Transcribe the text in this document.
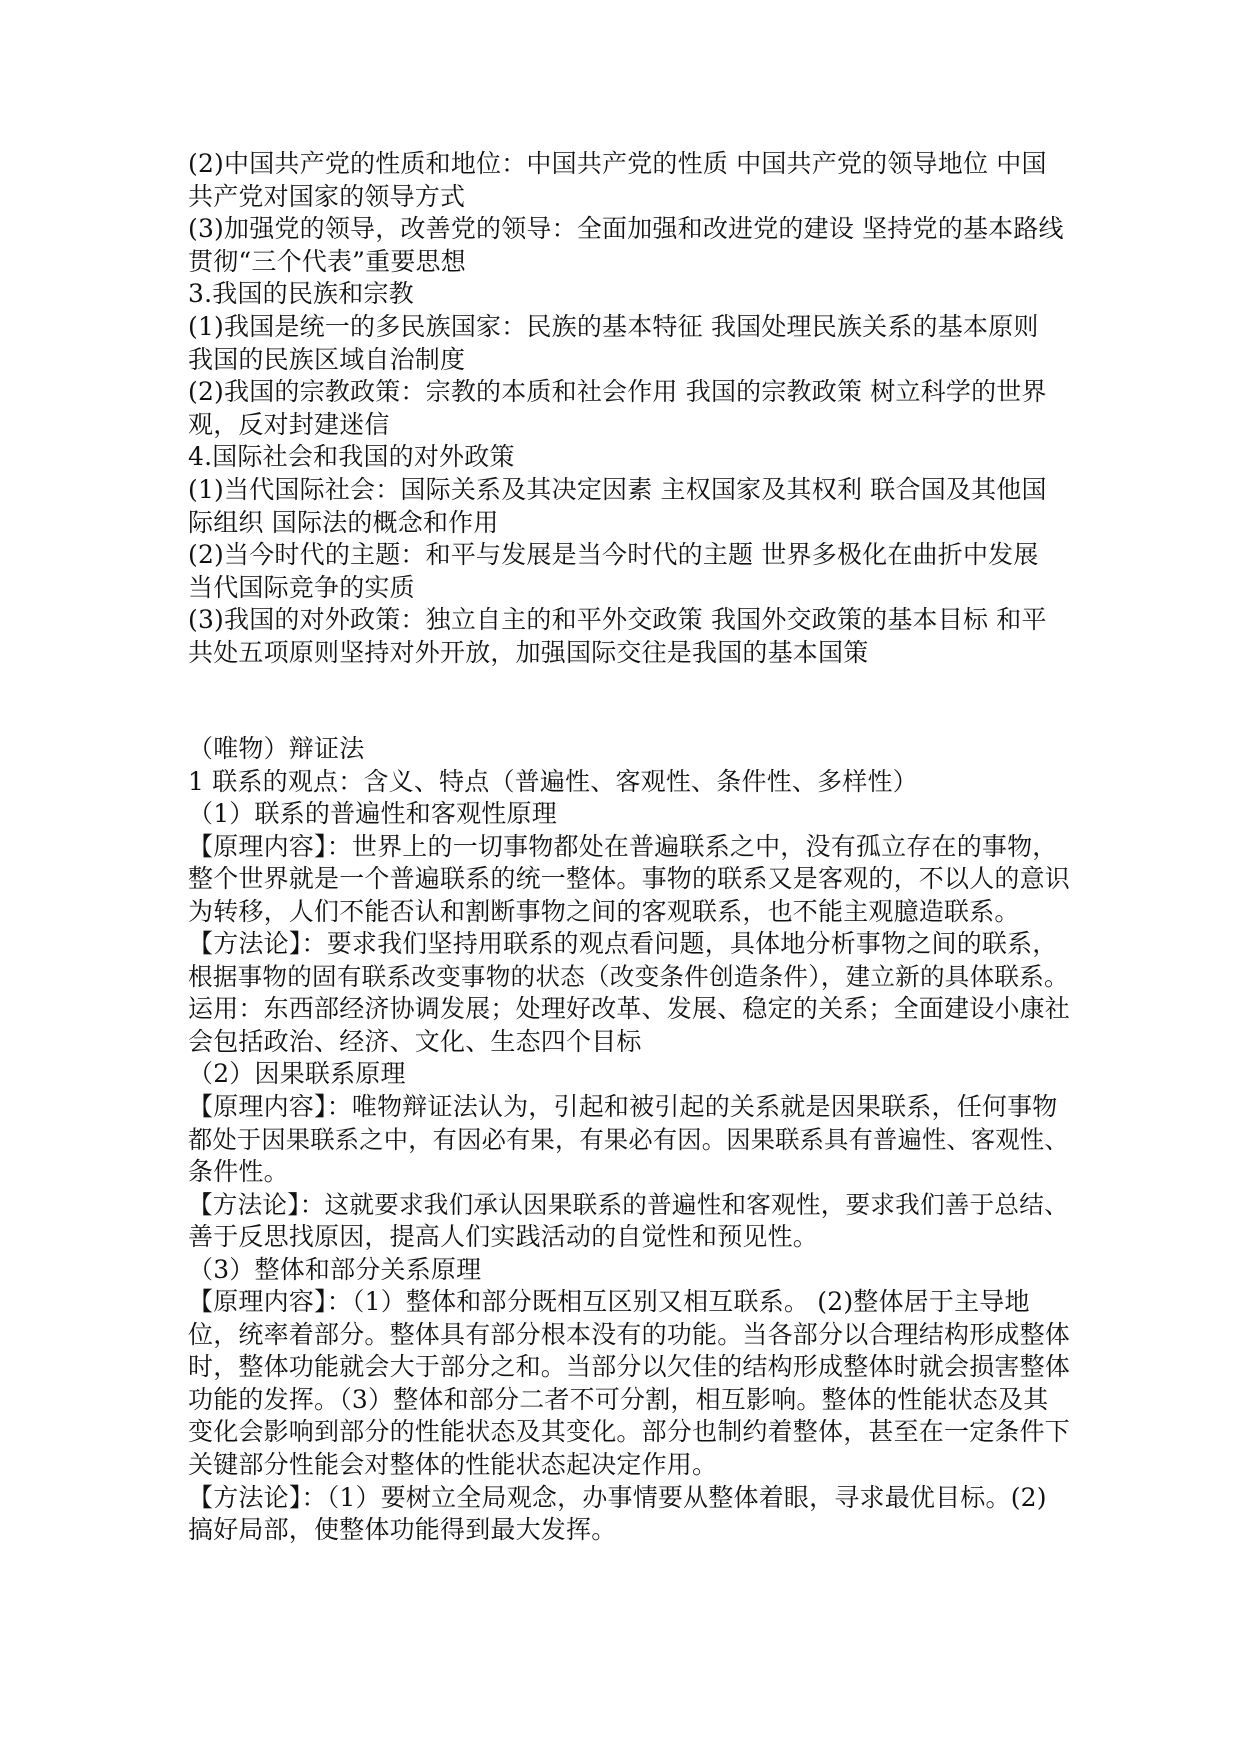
(2)中国共产党的性质和地位：中国共产党的性质 中国共产党的领导地位 中国
共产党对国家的领导方式
(3)加强党的领导，改善党的领导：全面加强和改进党的建设 坚持党的基本路线
贯彻“三个代表”重要思想
3.我国的民族和宗教
(1)我国是统一的多民族国家：民族的基本特征 我国处理民族关系的基本原则
我国的民族区域自治制度
(2)我国的宗教政策：宗教的本质和社会作用 我国的宗教政策 树立科学的世界
观，反对封建迷信
4.国际社会和我国的对外政策
(1)当代国际社会：国际关系及其决定因素 主权国家及其权利 联合国及其他国
际组织 国际法的概念和作用
(2)当今时代的主题：和平与发展是当今时代的主题 世界多极化在曲折中发展
当代国际竞争的实质
(3)我国的对外政策：独立自主的和平外交政策 我国外交政策的基本目标 和平
共处五项原则坚持对外开放，加强国际交往是我国的基本国策
（唯物）辩证法
1 联系的观点：含义、特点（普遍性、客观性、条件性、多样性）
（1）联系的普遍性和客观性原理
【原理内容】：世界上的一切事物都处在普遍联系之中，没有孤立存在的事物，
整个世界就是一个普遍联系的统一整体。事物的联系又是客观的，不以人的意识
为转移，人们不能否认和割断事物之间的客观联系，也不能主观臆造联系。
【方法论】：要求我们坚持用联系的观点看问题，具体地分析事物之间的联系，
根据事物的固有联系改变事物的状态（改变条件创造条件），建立新的具体联系。
运用：东西部经济协调发展；处理好改革、发展、稳定的关系；全面建设小康社
会包括政治、经济、文化、生态四个目标
（2）因果联系原理
【原理内容】：唯物辩证法认为，引起和被引起的关系就是因果联系，任何事物
都处于因果联系之中，有因必有果，有果必有因。因果联系具有普遍性、客观性、
条件性。
【方法论】：这就要求我们承认因果联系的普遍性和客观性，要求我们善于总结、
善于反思找原因，提高人们实践活动的自觉性和预见性。
（3）整体和部分关系原理
【原理内容】：（1）整体和部分既相互区别又相互联系。 (2)整体居于主导地
位，统率着部分。整体具有部分根本没有的功能。当各部分以合理结构形成整体
时，整体功能就会大于部分之和。当部分以欠佳的结构形成整体时就会损害整体
功能的发挥。（3）整体和部分二者不可分割，相互影响。整体的性能状态及其
变化会影响到部分的性能状态及其变化。部分也制约着整体，甚至在一定条件下
关键部分性能会对整体的性能状态起决定作用。
【方法论】：（1）要树立全局观念，办事情要从整体着眼，寻求最优目标。(2)
搞好局部，使整体功能得到最大发挥。
